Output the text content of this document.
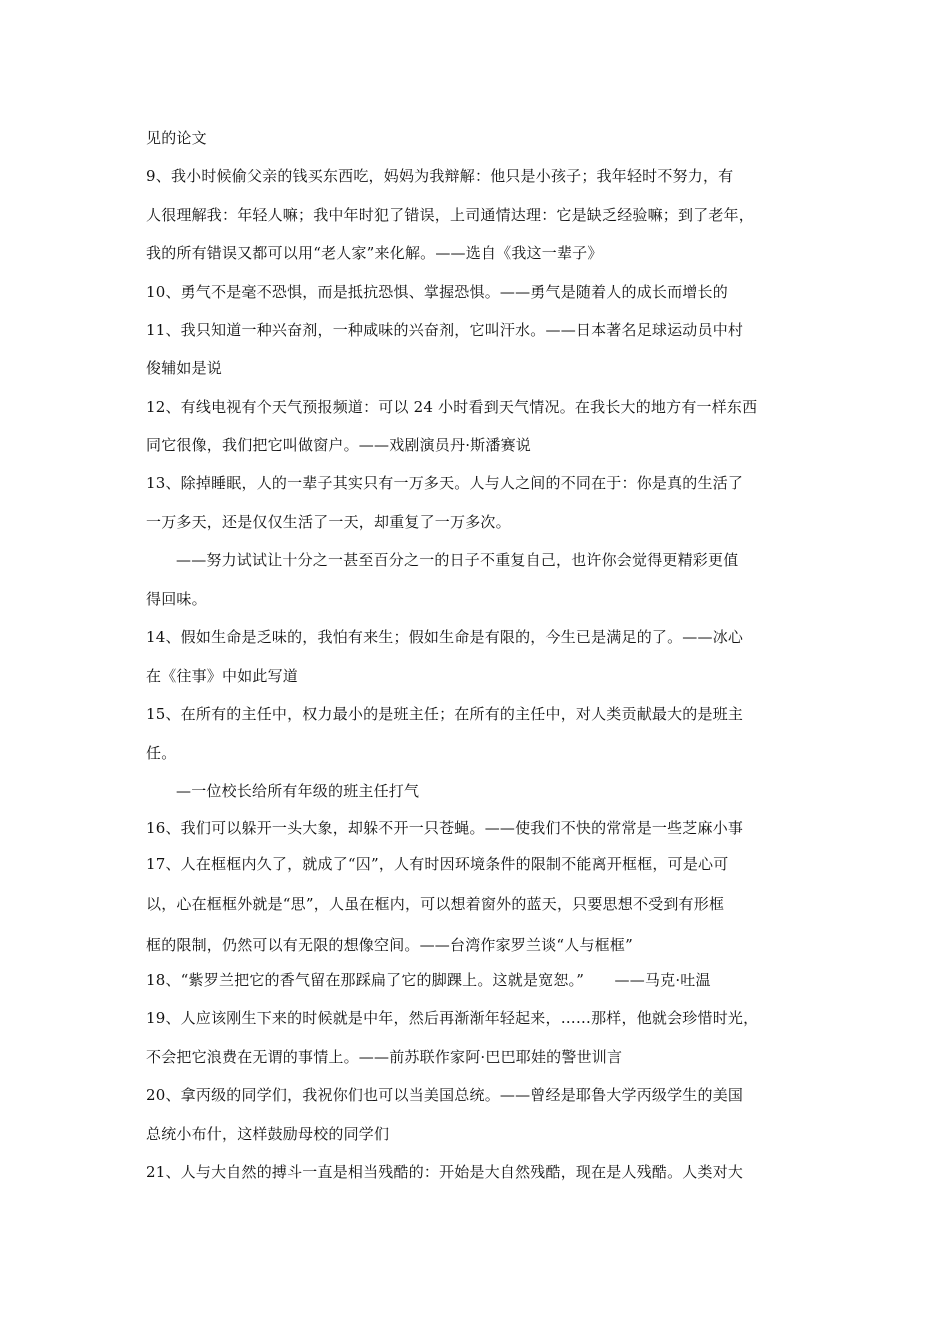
见的论文
9、我小时候偷父亲的钱买东西吃，妈妈为我辩解：他只是小孩子；我年轻时不努力，有
人很理解我：年轻人嘛；我中年时犯了错误，上司通情达理：它是缺乏经验嘛；到了老年，
我的所有错误又都可以用“老人家”来化解。——选自《我这一辈子》
10、勇气不是毫不恐惧，而是抵抗恐惧、掌握恐惧。——勇气是随着人的成长而增长的
11、我只知道一种兴奋剂，一种咸味的兴奋剂，它叫汗水。——日本著名足球运动员中村
俊辅如是说
12、有线电视有个天气预报频道：可以 24 小时看到天气情况。在我长大的地方有一样东西
同它很像，我们把它叫做窗户。——戏剧演员丹·斯潘赛说
13、除掉睡眠，人的一辈子其实只有一万多天。人与人之间的不同在于：你是真的生活了
一万多天，还是仅仅生活了一天，却重复了一万多次。
——努力试试让十分之一甚至百分之一的日子不重复自己，也许你会觉得更精彩更值
得回味。
14、假如生命是乏味的，我怕有来生；假如生命是有限的，今生已是满足的了。——冰心
在《往事》中如此写道
15、在所有的主任中，权力最小的是班主任；在所有的主任中，对人类贡献最大的是班主
任。
—一位校长给所有年级的班主任打气
16、我们可以躲开一头大象，却躲不开一只苍蝇。——使我们不快的常常是一些芝麻小事
17、人在框框内久了，就成了“囚”，人有时因环境条件的限制不能离开框框，可是心可
以，心在框框外就是“思”，人虽在框内，可以想着窗外的蓝天，只要思想不受到有形框
框的限制，仍然可以有无限的想像空间。——台湾作家罗兰谈“人与框框”
18、“紫罗兰把它的香气留在那踩扁了它的脚踝上。这就是宽恕。”　　——马克·吐温
19、人应该刚生下来的时候就是中年，然后再渐渐年轻起来，……那样，他就会珍惜时光，
不会把它浪费在无谓的事情上。——前苏联作家阿·巴巴耶娃的警世训言
20、拿丙级的同学们，我祝你们也可以当美国总统。——曾经是耶鲁大学丙级学生的美国
总统小布什，这样鼓励母校的同学们
21、人与大自然的搏斗一直是相当残酷的：开始是大自然残酷，现在是人残酷。人类对大
